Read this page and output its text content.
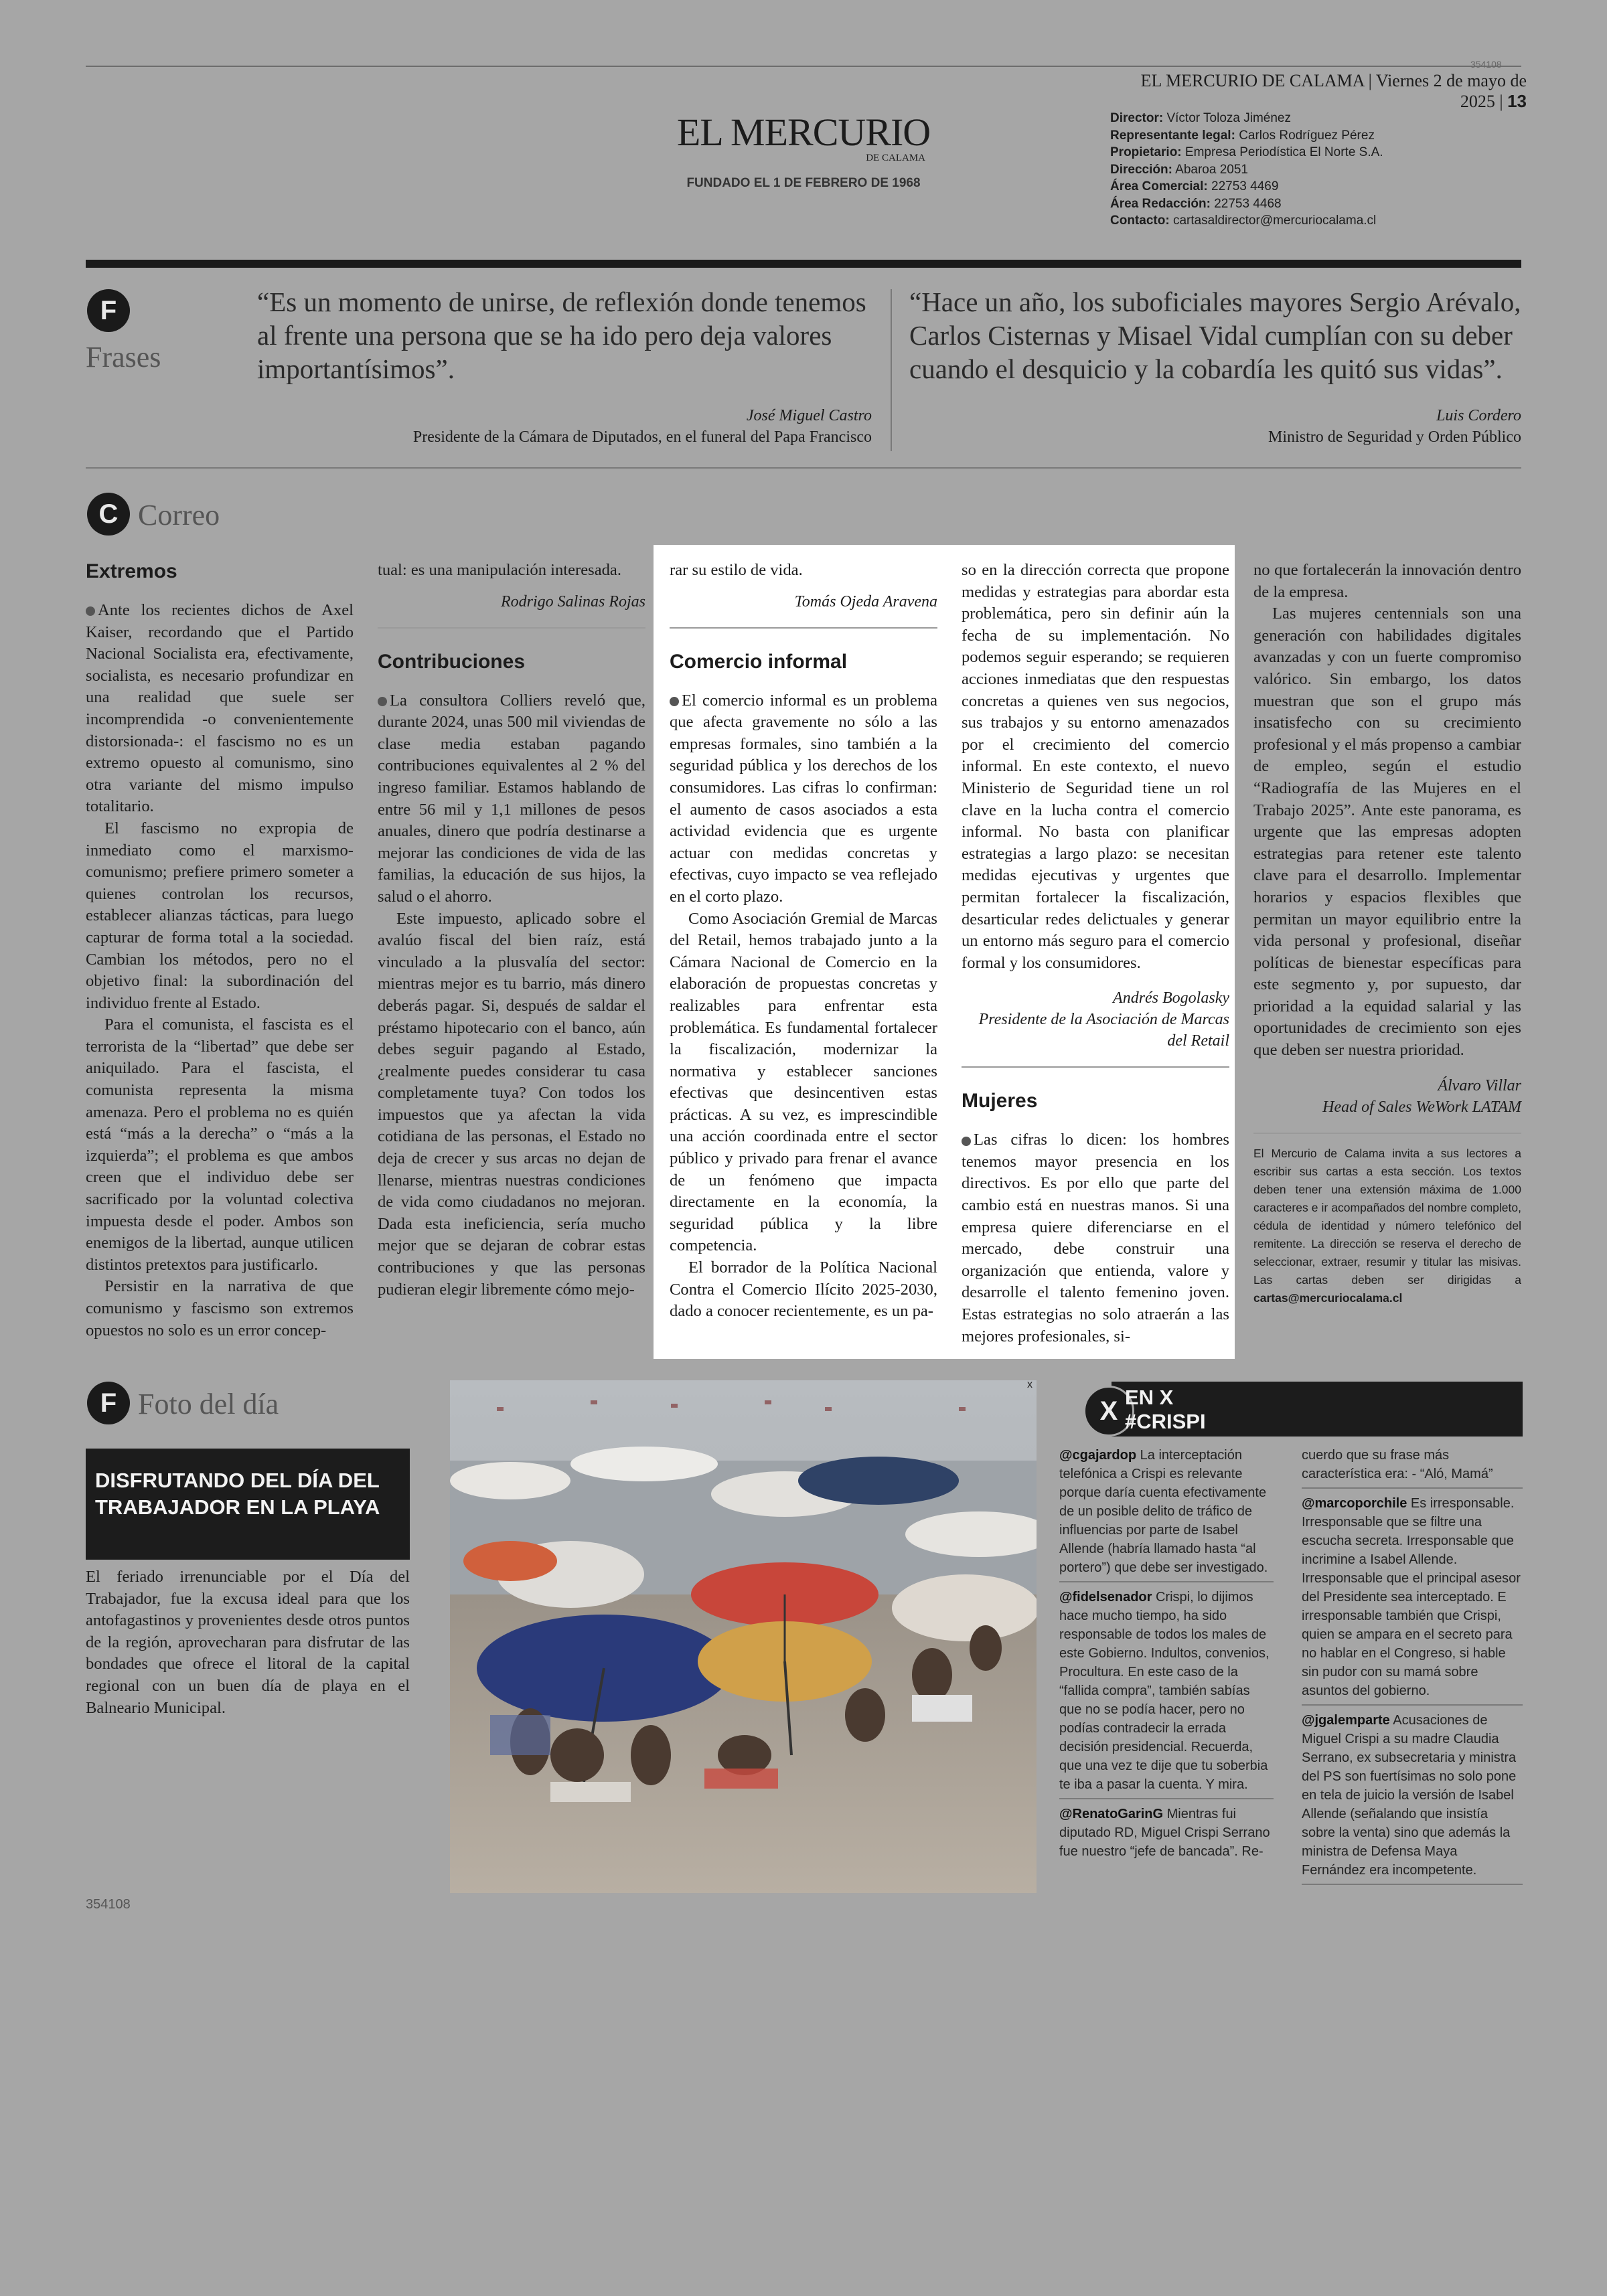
354108
EL MERCURIO DE CALAMA | Viernes 2 de mayo de 2025 | 13
EL MERCURIO
DE CALAMA
FUNDADO EL 1 DE FEBRERO DE 1968
Director: Víctor Toloza Jiménez
Representante legal: Carlos Rodríguez Pérez
Propietario: Empresa Periodística El Norte S.A.
Dirección: Abaroa 2051
Área Comercial: 22753 4469
Área Redacción: 22753 4468
Contacto: cartasaldirector@mercuriocalama.cl
F
Frases
“Es un momento de unirse, de reflexión donde tenemos al frente una persona que se ha ido pero deja valores importantísimos”.
José Miguel Castro
Presidente de la Cámara de Diputados, en el funeral del Papa Francisco
“Hace un año, los suboficiales mayores Sergio Arévalo, Carlos Cisternas y Misael Vidal cumplían con su deber cuando el desquicio y la cobardía les quitó sus vidas”.
Luis Cordero
Ministro de Seguridad y Orden Público
C Correo
Extremos

Ante los recientes dichos de Axel Kaiser, recordando que el Partido Nacional Socialista era, efectivamente, socialista, es necesario profundizar en una realidad que suele ser incomprendida -o convenientemente distorsionada-: el fascismo no es un extremo opuesto al comunismo, sino otra variante del mismo impulso totalitario.

El fascismo no expropia de inmediato como el marxismo-comunismo; prefiere primero someter a quienes controlan los recursos, establecer alianzas tácticas, para luego capturar de forma total a la sociedad. Cambian los métodos, pero no el objetivo final: la subordinación del individuo frente al Estado.

Para el comunista, el fascista es el terrorista de la “libertad” que debe ser aniquilado. Para el fascista, el comunista representa la misma amenaza. Pero el problema no es quién está “más a la derecha” o “más a la izquierda”; el problema es que ambos creen que el individuo debe ser sacrificado por la voluntad colectiva impuesta desde el poder. Ambos son enemigos de la libertad, aunque utilicen distintos pretextos para justificarlo.

Persistir en la narrativa de que comunismo y fascismo son extremos opuestos no solo es un error concep-

tual: es una manipulación interesada.

Rodrigo Salinas Rojas
Contribuciones

La consultora Colliers reveló que, durante 2024, unas 500 mil viviendas de clase media estaban pagando contribuciones equivalentes al 2 % del ingreso familiar. Estamos hablando de entre 56 mil y 1,1 millones de pesos anuales, dinero que podría destinarse a mejorar las condiciones de vida de las familias, la educación de sus hijos, la salud o el ahorro.

Este impuesto, aplicado sobre el avalúo fiscal del bien raíz, está vinculado a la plusvalía del sector: mientras mejor es tu barrio, más dinero deberás pagar. Si, después de saldar el préstamo hipotecario con el banco, aún debes seguir pagando al Estado, ¿realmente puedes considerar tu casa completamente tuya? Con todos los impuestos que ya afectan la vida cotidiana de las personas, el Estado no deja de crecer y sus arcas no dejan de llenarse, mientras nuestras condiciones de vida como ciudadanos no mejoran. Dada esta ineficiencia, sería mucho mejor que se dejaran de cobrar estas contribuciones y que las personas pudieran elegir libremente cómo mejo-

rar su estilo de vida.

Tomás Ojeda Aravena
Comercio informal

El comercio informal es un problema que afecta gravemente no sólo a las empresas formales, sino también a la seguridad pública y los derechos de los consumidores. Las cifras lo confirman: el aumento de casos asociados a esta actividad evidencia que es urgente actuar con medidas concretas y efectivas, cuyo impacto se vea reflejado en el corto plazo.

Como Asociación Gremial de Marcas del Retail, hemos trabajado junto a la Cámara Nacional de Comercio en la elaboración de propuestas concretas y realizables para enfrentar esta problemática. Es fundamental fortalecer la fiscalización, modernizar la normativa y establecer sanciones efectivas que desincentiven estas prácticas. A su vez, es imprescindible una acción coordinada entre el sector público y privado para frenar el avance de un fenómeno que impacta directamente en la economía, la seguridad pública y la libre competencia.

El borrador de la Política Nacional Contra el Comercio Ilícito 2025-2030, dado a conocer recientemente, es un pa-

so en la dirección correcta que propone medidas y estrategias para abordar esta problemática, pero sin definir aún la fecha de su implementación. No podemos seguir esperando; se requieren acciones inmediatas que den respuestas concretas a quienes ven sus negocios, sus trabajos y su entorno amenazados por el crecimiento del comercio informal. En este contexto, el nuevo Ministerio de Seguridad tiene un rol clave en la lucha contra el comercio informal. No basta con planificar estrategias a largo plazo: se necesitan medidas ejecutivas y urgentes que permitan fortalecer la fiscalización, desarticular redes delictuales y generar un entorno más seguro para el comercio formal y los consumidores.

Andrés Bogolasky
Presidente de la Asociación de Marcas del Retail
Mujeres

Las cifras lo dicen: los hombres tenemos mayor presencia en los directivos. Es por ello que parte del cambio está en nuestras manos. Si una empresa quiere diferenciarse en el mercado, debe construir una organización que entienda, valore y desarrolle el talento femenino joven. Estas estrategias no solo atraerán a las mejores profesionales, si-

no que fortalecerán la innovación dentro de la empresa.

Las mujeres centennials son una generación con habilidades digitales avanzadas y con un fuerte compromiso valórico. Sin embargo, los datos muestran que son el grupo más insatisfecho con su crecimiento profesional y el más propenso a cambiar de empleo, según el estudio “Radiografía de las Mujeres en el Trabajo 2025”. Ante este panorama, es urgente que las empresas adopten estrategias para retener este talento clave para el desarrollo. Implementar horarios y espacios flexibles que permitan un mayor equilibrio entre la vida personal y profesional, diseñar políticas de bienestar específicas para este segmento y, por supuesto, dar prioridad a la equidad salarial y las oportunidades de crecimiento son ejes que deben ser nuestra prioridad.

Álvaro Villar
Head of Sales WeWork LATAM
El Mercurio de Calama invita a sus lectores a escribir sus cartas a esta sección. Los textos deben tener una extensión máxima de 1.000 caracteres e ir acompañados del nombre completo, cédula de identidad y número telefónico del remitente. La dirección se reserva el derecho de seleccionar, extraer, resumir y titular las misivas. Las cartas deben ser dirigidas a cartas@mercuriocalama.cl
F Foto del día
DISFRUTANDO DEL DÍA DEL TRABAJADOR EN LA PLAYA

El feriado irrenunciable por el Día del Trabajador, fue la excusa ideal para que los antofagastinos y provenientes desde otros puntos de la región, aprovecharan para disfrutar de las bondades que ofrece el litoral de la capital regional con un buen día de playa en el Balneario Municipal.

354108
x
X EN X
#CRISPI
@cgajardop La interceptación telefónica a Crispi es relevante porque daría cuenta efectivamente de un posible delito de tráfico de influencias por parte de Isabel Allende (habría llamado hasta “al portero”) que debe ser investigado.
@fidelsenador Crispi, lo dijimos hace mucho tiempo, ha sido responsable de todos los males de este Gobierno. Indultos, convenios, Procultura. En este caso de la “fallida compra”, también sabías que no se podía hacer, pero no podías contradecir la errada decisión presidencial. Recuerda, que una vez te dije que tu soberbia te iba a pasar la cuenta. Y mira.
@RenatoGarinG Mientras fui diputado RD, Miguel Crispi Serrano fue nuestro “jefe de bancada”. Re-
cuerdo que su frase más característica era: - “Aló, Mamá”
@marcoporchile Es irresponsable. Irresponsable que se filtre una escucha secreta. Irresponsable que incrimine a Isabel Allende. Irresponsable que el principal asesor del Presidente sea interceptado. E irresponsable también que Crispi, quien se ampara en el secreto para no hablar en el Congreso, si hable sin pudor con su mamá sobre asuntos del gobierno.
@jgalemparte Acusaciones de Miguel Crispi a su madre Claudia Serrano, ex subsecretaria y ministra del PS son fuertísimas no solo pone en tela de juicio la versión de Isabel Allende (señalando que insistía sobre la venta) sino que además la ministra de Defensa Maya Fernández era incompetente.
